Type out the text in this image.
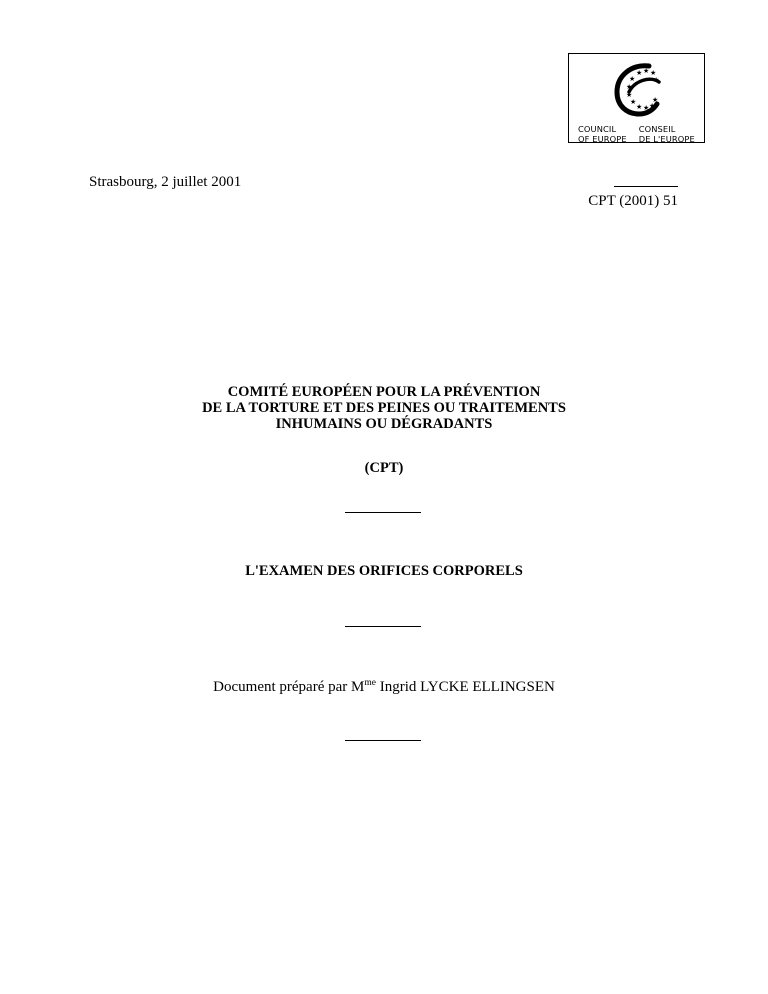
★ ★ ★
★	★
★
★
★ ★
★ ★ ★
COUNCIL
OF EUROPE
CONSEIL
DE L'EUROPE
Strasbourg, 2 juillet 2001
CPT (2001) 51
COMITÉ EUROPÉEN POUR LA PRÉVENTION
DE LA TORTURE ET DES PEINES OU TRAITEMENTS
INHUMAINS OU DÉGRADANTS
(CPT)
L'EXAMEN DES ORIFICES CORPORELS
Document préparé par $M^{me}$ Ingrid LYCKE ELLINGSEN
